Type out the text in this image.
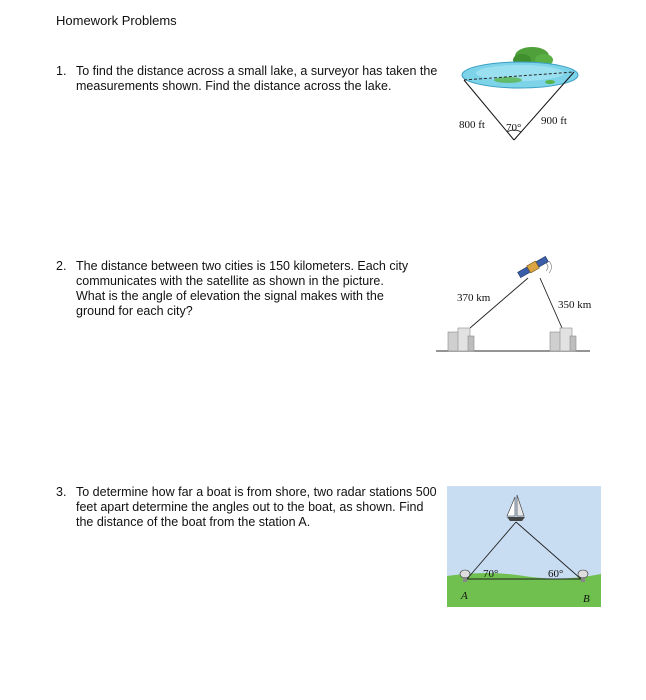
Homework Problems
1. To find the distance across a small lake, a surveyor has taken the measurements shown. Find the distance across the lake.
800 ft 70°
900 ft
2. The distance between two cities is 150 kilometers. Each city communicates with the satellite as shown in the picture. What is the angle of elevation the signal makes with the ground for each city?
370 km
350 km
3. To determine how far a boat is from shore, two radar stations 500 feet apart determine the angles out to the boat, as shown. Find the distance of the boat from the station A.
70°	60°
A	B
